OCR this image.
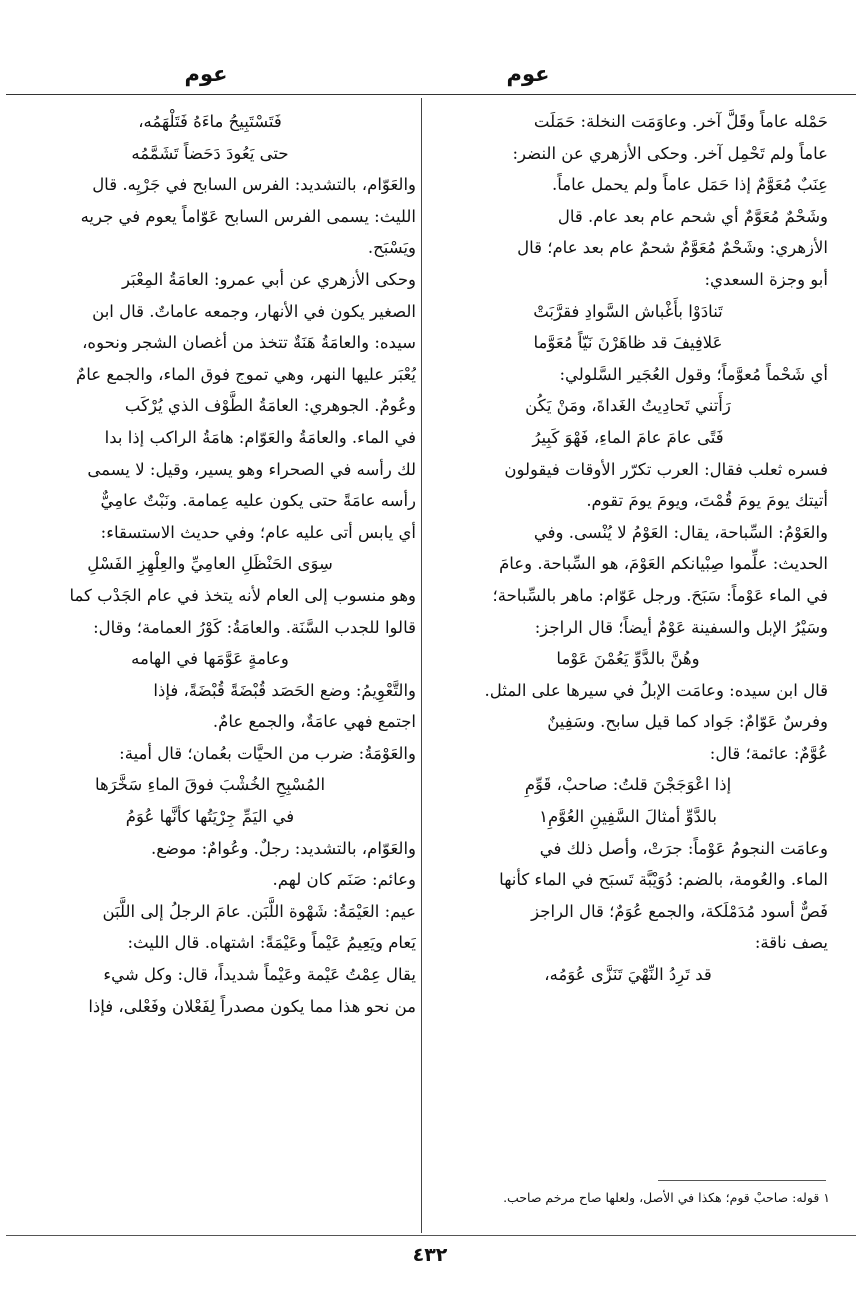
عوم
عوم
حَمْله عاماً وقَلَّ آخر. وعاوَمَت النخلة: حَمَلَت
عاماً ولم تَحْمِل آخر. وحكى الأزهري عن النضر:
عِنَبٌ مُعَوَّمٌ إذا حَمَل عاماً ولم يحمل عاماً.
وشَحْمٌ مُعَوَّمٌ أي شحم عام بعد عام. قال
الأزهري: وشَحْمٌ مُعَوَّمٌ شحمٌ عام بعد عام؛ قال
أبو وجزة السعدي:
تَنادَوْا بأَغْباش السَّوادِ فقرَّبَتْ
عَلافِيفَ قد ظاهَرْنَ نَيّاً مُعَوَّما
أي شَحْماً مُعوَّماً؛ وقول العُجَير السَّلولي:
رَأَتني تَحادِيتُ الغَداةَ، ومَنْ يَكُن
فَتًى عامَ عامَ الماءِ، فَهْوَ كَبِيرُ
فسره ثعلب فقال: العرب تكرّر الأوقات فيقولون
أتيتك يومَ يومَ قُمْتَ، ويومَ يومَ تقوم.
والعَوْمُ: السِّباحة، يقال: العَوْمُ لا يُنْسى. وفي
الحديث: علِّموا صِبْيانكم العَوْمَ، هو السِّباحة. وعامَ
في الماء عَوْماً: سَبَحَ. ورجل عَوّام: ماهر بالسِّباحة؛
وسَيْرُ الإبل والسفينة عَوْمٌ أيضاً؛ قال الراجز:
وهُنَّ بالدَّوِّ يَعُمْنَ عَوْما
قال ابن سيده: وعامَت الإبلُ في سيرها على المثل.
وفرسٌ عَوّامٌ: جَواد كما قيل سابح. وسَفِينٌ
عُوَّمٌ: عائمة؛ قال:
إذا اعْوَجَجْنَ قلتُ: صاحبْ، قَوِّمِ
بالدَّوِّ أمثالَ السَّفِينِ العُوَّمِ١
وعامَت النجومُ عَوْماً: جرَتْ، وأصل ذلك في
الماء. والعُومة، بالضم: دُوَيْبَّة تَسبَح في الماء كأنها
فَصٌّ أسود مُدَمْلَكة، والجمع عُوَمٌ؛ قال الراجز
يصف ناقة:
قد تَرِدُ النِّهْيَ تَنَزَّى عُوَمُه،
فَتَسْتَبِيحُ ماءَهُ فَتَلْهَمُه،
حتى يَعُودَ دَحَضاً تَشَمَّمُه
والعَوّام، بالتشديد: الفرس السابح في جَرْيِه. قال
الليث: يسمى الفرس السابح عَوّاماً يعوم في جريه
ويَسْبَح.
وحكى الأزهري عن أبي عمرو: العامَةُ المِعْبَر
الصغير يكون في الأنهار، وجمعه عاماتٌ. قال ابن
سيده: والعامَةُ هَنَةٌ تتخذ من أغصان الشجر ونحوه،
يُعْبَر عليها النهر، وهي تموج فوق الماء، والجمع عامٌ
وعُومٌ. الجوهري: العامَةُ الطَّوْف الذي يُرْكَب
في الماء. والعامَةُ والعَوّام: هامَةُ الراكب إذا بدا
لك رأسه في الصحراء وهو يسير، وقيل: لا يسمى
رأسه عامَةً حتى يكون عليه عِمامة. ونَبْتٌ عامِيٌّ
أي يابس أتى عليه عام؛ وفي حديث الاستسقاء:
سِوَى الحَنْظَلِ العامِيِّ والعِلْهِزِ الفَسْلِ
وهو منسوب إلى العام لأنه يتخذ في عام الجَدْب كما
قالوا للجدب السَّنَة. والعامَةُ: كَوْرُ العمامة؛ وقال:
وعامةٍ عَوَّمَها في الهامه
والتَّعْوِيمُ: وضع الحَصَد قُبْضَةً قُبْضَةً، فإذا
اجتمع فهي عامَةٌ، والجمع عامٌ.
والعَوْمَةُ: ضرب من الحيَّات بعُمان؛ قال أمية:
المُسْبِحِ الخُشْبَ فوقَ الماءِ سَخَّرَها
في اليَمِّ جِرْيَتُها كأنَّها عُوَمُ
والعَوّام، بالتشديد: رجلٌ. وعُوامٌ: موضع.
وعائم: صَنَم كان لهم.
عيم: العَيْمَةُ: شَهْوة اللَّبَن. عامَ الرجلُ إلى اللَّبَن
يَعام ويَعِيمُ عَيْماً وعَيْمَةً: اشتهاه. قال الليث:
يقال عِمْتُ عَيْمة وعَيْماً شديداً، قال: وكل شيء
من نحو هذا مما يكون مصدراً لِفَعْلان وفَعْلى، فإذا
١ قوله: صاحبْ قوم؛ هكذا في الأصل، ولعلها صاح مرخم صاحب.
٤٣٢
